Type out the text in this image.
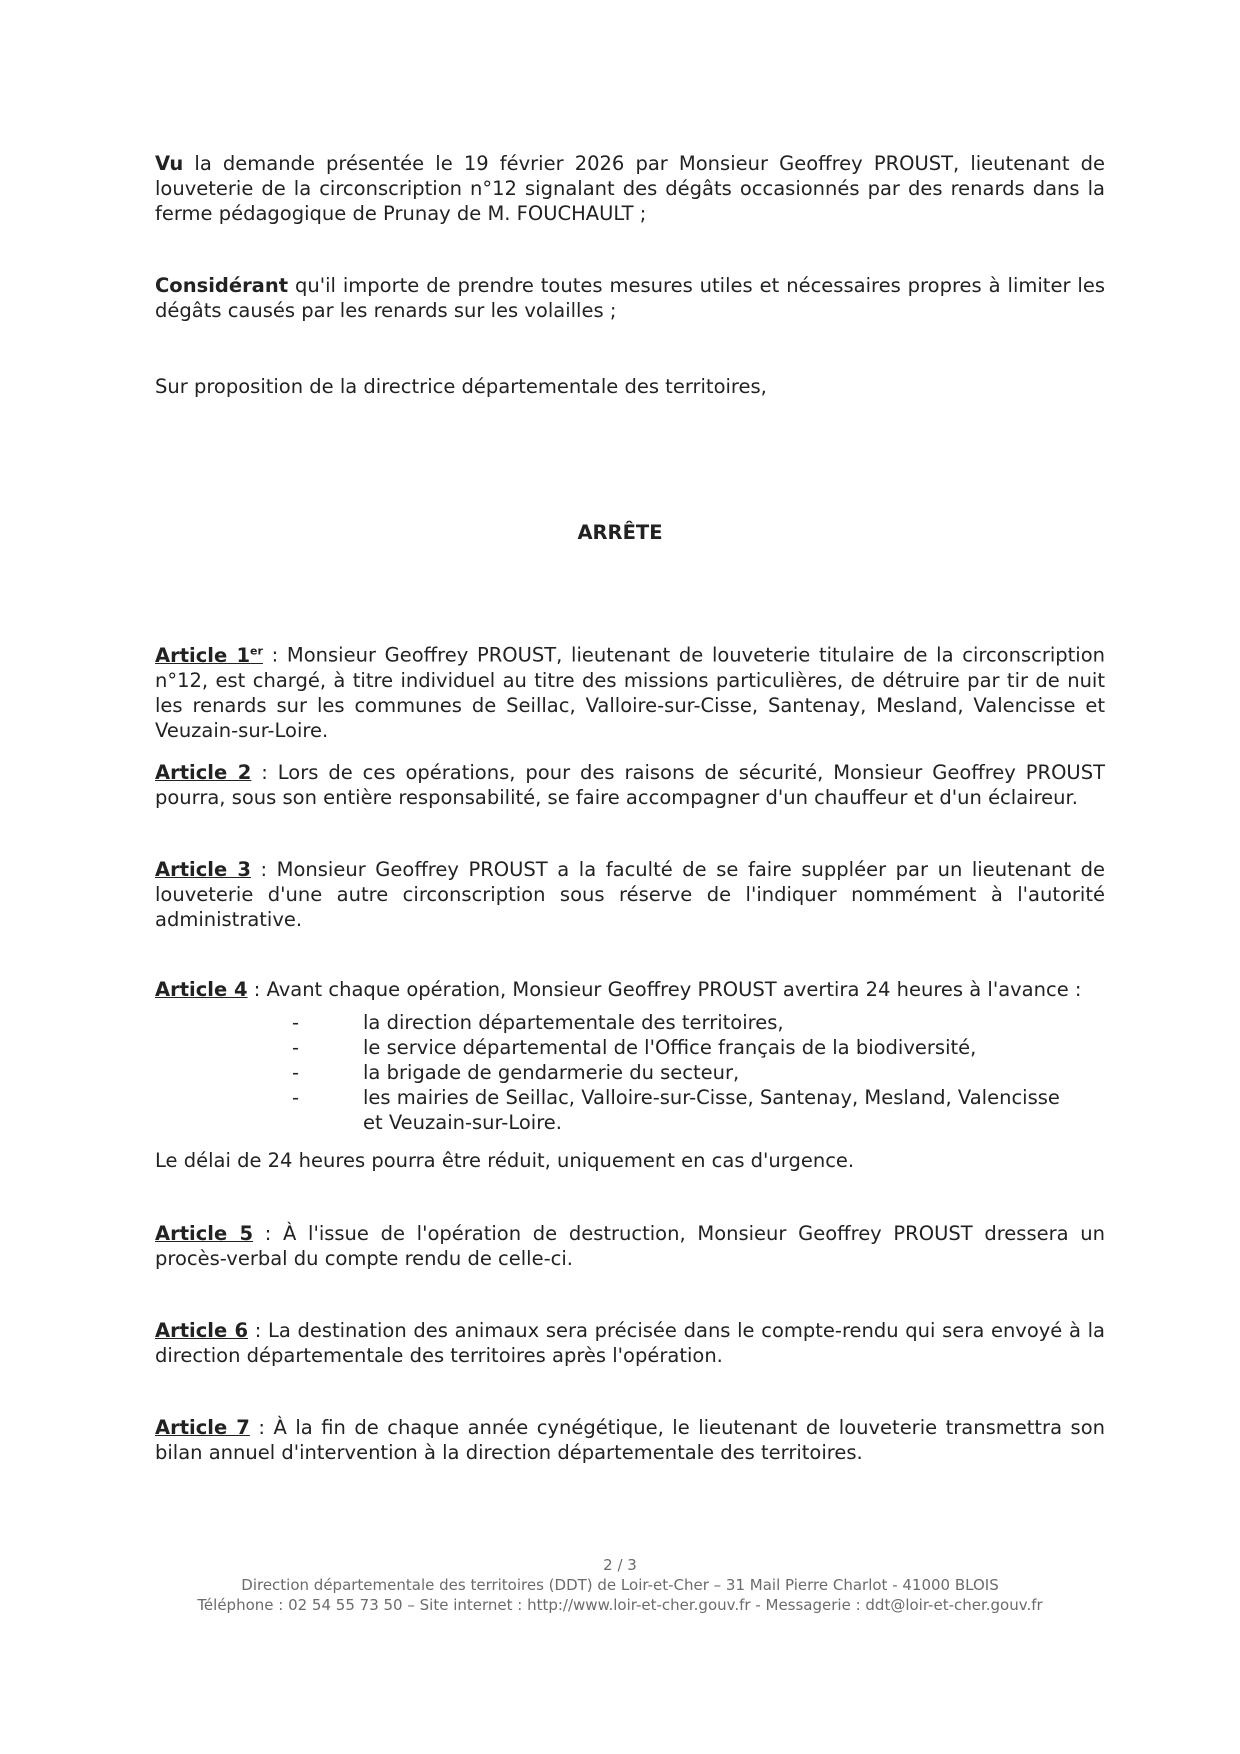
Vu la demande présentée le 19 février 2026 par Monsieur Geoffrey PROUST, lieutenant de louveterie de la circonscription n°12 signalant des dégâts occasionnés par des renards dans la ferme pédagogique de Prunay de M. FOUCHAULT ;

Considérant qu'il importe de prendre toutes mesures utiles et nécessaires propres à limiter les dégâts causés par les renards sur les volailles ;

Sur proposition de la directrice départementale des territoires,

ARRÊTE

Article 1er : Monsieur Geoffrey PROUST, lieutenant de louveterie titulaire de la circonscription n°12, est chargé, à titre individuel au titre des missions particulières, de détruire par tir de nuit les renards sur les communes de Seillac, Valloire-sur-Cisse, Santenay, Mesland, Valencisse et Veuzain-sur-Loire.

Article 2 : Lors de ces opérations, pour des raisons de sécurité, Monsieur Geoffrey PROUST pourra, sous son entière responsabilité, se faire accompagner d'un chauffeur et d'un éclaireur.

Article 3 : Monsieur Geoffrey PROUST a la faculté de se faire suppléer par un lieutenant de louveterie d'une autre circonscription sous réserve de l'indiquer nommément à l'autorité administrative.

Article 4 : Avant chaque opération, Monsieur Geoffrey PROUST avertira 24 heures à l'avance :

-	la direction départementale des territoires,
-	le service départemental de l'Office français de la biodiversité,
-	la brigade de gendarmerie du secteur,
-	les mairies de Seillac, Valloire-sur-Cisse, Santenay, Mesland, Valencisse et Veuzain-sur-Loire.

Le délai de 24 heures pourra être réduit, uniquement en cas d'urgence.

Article 5 : À l'issue de l'opération de destruction, Monsieur Geoffrey PROUST dressera un procès-verbal du compte rendu de celle-ci.

Article 6 : La destination des animaux sera précisée dans le compte-rendu qui sera envoyé à la direction départementale des territoires après l'opération.

Article 7 : À la fin de chaque année cynégétique, le lieutenant de louveterie transmettra son bilan annuel d'intervention à la direction départementale des territoires.

2 / 3

Direction départementale des territoires (DDT) de Loir-et-Cher – 31 Mail Pierre Charlot - 41000 BLOIS

Téléphone : 02 54 55 73 50 – Site internet : http://www.loir-et-cher.gouv.fr - Messagerie : ddt@loir-et-cher.gouv.fr
